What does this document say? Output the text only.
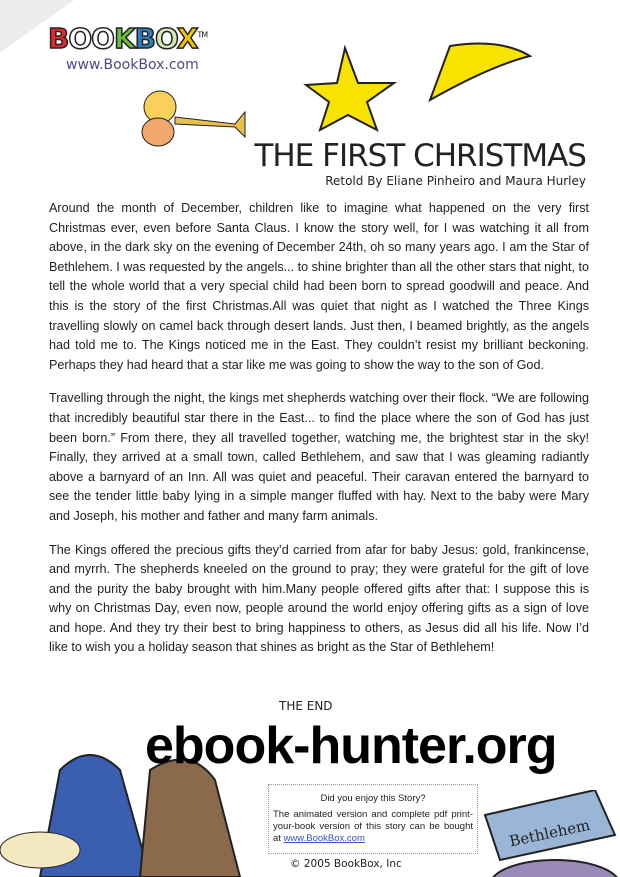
BOOKBOX™
www.BookBox.com
THE FIRST CHRISTMAS
Retold By Eliane Pinheiro and Maura Hurley

Around the month of December, children like to imagine what happened on the very first Christmas ever, even before Santa Claus. I know the story well, for I was watching it all from above, in the dark sky on the evening of December 24th, oh so many years ago. I am the Star of Bethlehem. I was requested by the angels... to shine brighter than all the other stars that night, to tell the whole world that a very special child had been born to spread goodwill and peace. And this is the story of the first Christmas.All was quiet that night as I watched the Three Kings travelling slowly on camel back through desert lands. Just then, I beamed brightly, as the angels had told me to. The Kings noticed me in the East. They couldn’t resist my brilliant beckoning. Perhaps they had heard that a star like me was going to show the way to the son of God.

Travelling through the night, the kings met shepherds watching over their flock. “We are following that incredibly beautiful star there in the East... to find the place where the son of God has just been born.” From there, they all travelled together, watching me, the brightest star in the sky! Finally, they arrived at a small town, called Bethlehem, and saw that I was gleaming radiantly above a barnyard of an Inn. All was quiet and peaceful. Their caravan entered the barnyard to see the tender little baby lying in a simple manger fluffed with hay. Next to the baby were Mary and Joseph, his mother and father and many farm animals.

The Kings offered the precious gifts they’d carried from afar for baby Jesus: gold, frankincense, and myrrh. The shepherds kneeled on the ground to pray; they were grateful for the gift of love and the purity the baby brought with him.Many people offered gifts after that: I suppose this is why on Christmas Day, even now, people around the world enjoy offering gifts as a sign of love and hope. And they try their best to bring happiness to others, as Jesus did all his life. Now I’d like to wish you a holiday season that shines as bright as the Star of Bethlehem!

THE END
Bethlehem
ebook-hunter.org
Did you enjoy this Story?
The animated version and complete pdf print-your-book version of this story can be bought at www.BookBox.com
© 2005 BookBox, Inc
